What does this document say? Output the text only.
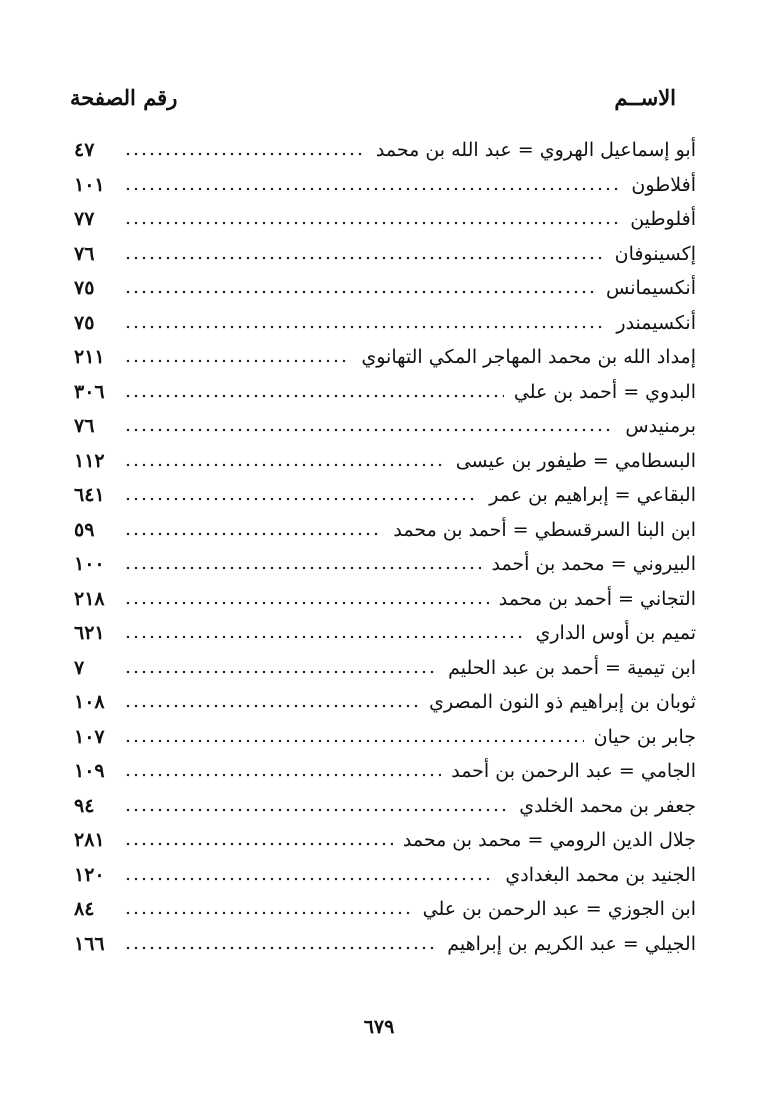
الاســم
رقم الصفحة
أبو إسماعيل الهروي = عبد الله بن محمد
٤٧
أفلاطون
١٠١
أفلوطين
٧٧
إكسينوفان
٧٦
أنكسيمانس
٧٥
أنكسيمندر
٧٥
إمداد الله بن محمد المهاجر المكي التهانوي
٢١١
البدوي = أحمد بن علي
٣٠٦
برمنيدس
٧٦
البسطامي = طيفور بن عيسى
١١٢
البقاعي = إبراهيم بن عمر
٦٤١
ابن البنا السرقسطي = أحمد بن محمد
٥٩
البيروني = محمد بن أحمد
١٠٠
التجاني = أحمد بن محمد
٢١٨
تميم بن أوس الداري
٦٢١
ابن تيمية = أحمد بن عبد الحليم
٧
ثوبان بن إبراهيم ذو النون المصري
١٠٨
جابر بن حيان
١٠٧
الجامي = عبد الرحمن بن أحمد
١٠٩
جعفر بن محمد الخلدي
٩٤
جلال الدين الرومي = محمد بن محمد
٢٨١
الجنيد بن محمد البغدادي
١٢٠
ابن الجوزي = عبد الرحمن بن علي
٨٤
الجيلي = عبد الكريم بن إبراهيم
١٦٦
٦٧٩
